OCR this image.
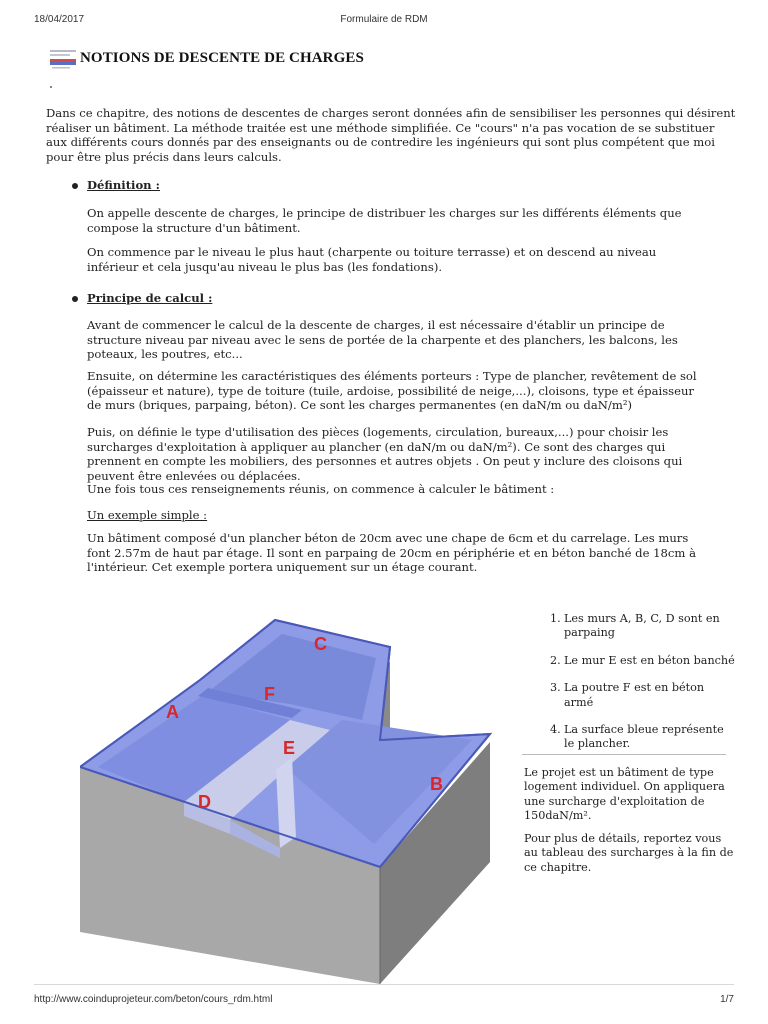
18/04/2017	Formulaire de RDM
NOTIONS DE DESCENTE DE CHARGES

Dans ce chapitre, des notions de descentes de charges seront données afin de sensibiliser les personnes qui désirent réaliser un bâtiment. La méthode traitée est une méthode simplifiée. Ce "cours" n'a pas vocation de se substituer aux différents cours donnés par des enseignants ou de contredire les ingénieurs qui sont plus compétent que moi pour être plus précis dans leurs calculs.

Définition :

On appelle descente de charges, le principe de distribuer les charges sur les différents éléments que compose la structure d'un bâtiment.

On commence par le niveau le plus haut (charpente ou toiture terrasse) et on descend au niveau inférieur et cela jusqu'au niveau le plus bas (les fondations).

Principe de calcul :

Avant de commencer le calcul de la descente de charges, il est nécessaire d'établir un principe de structure niveau par niveau avec le sens de portée de la charpente et des planchers, les balcons, les poteaux, les poutres, etc...

Ensuite, on détermine les caractéristiques des éléments porteurs : Type de plancher, revêtement de sol (épaisseur et nature), type de toiture (tuile, ardoise, possibilité de neige,...), cloisons, type et épaisseur de murs (briques, parpaing, béton). Ce sont les charges permanentes (en daN/m ou daN/m²)

Puis, on définie le type d'utilisation des pièces (logements, circulation, bureaux,...) pour choisir les surcharges d'exploitation à appliquer au plancher (en daN/m ou daN/m²). Ce sont des charges qui prennent en compte les mobiliers, des personnes et autres objets . On peut y inclure des cloisons qui peuvent être enlevées ou déplacées.

Une fois tous ces renseignements réunis, on commence à calculer le bâtiment :

Un exemple simple :

Un bâtiment composé d'un plancher béton de 20cm avec une chape de 6cm et du carrelage. Les murs font 2.57m de haut par étage. Il sont en parpaing de 20cm en périphérie et en béton banché de 18cm à l'intérieur. Cet exemple portera uniquement sur un étage courant.

A
B
C
D
E
F
1. Les murs A, B, C, D sont en parpaing
2. Le mur E est en béton banché
3. La poutre F est en béton armé
4. La surface bleue représente le plancher.

Le projet est un bâtiment de type logement individuel. On appliquera une surcharge d'exploitation de 150daN/m².

Pour plus de détails, reportez vous au tableau des surcharges à la fin de ce chapitre.

http://www.coinduprojeteur.com/beton/cours_rdm.html	1/7
